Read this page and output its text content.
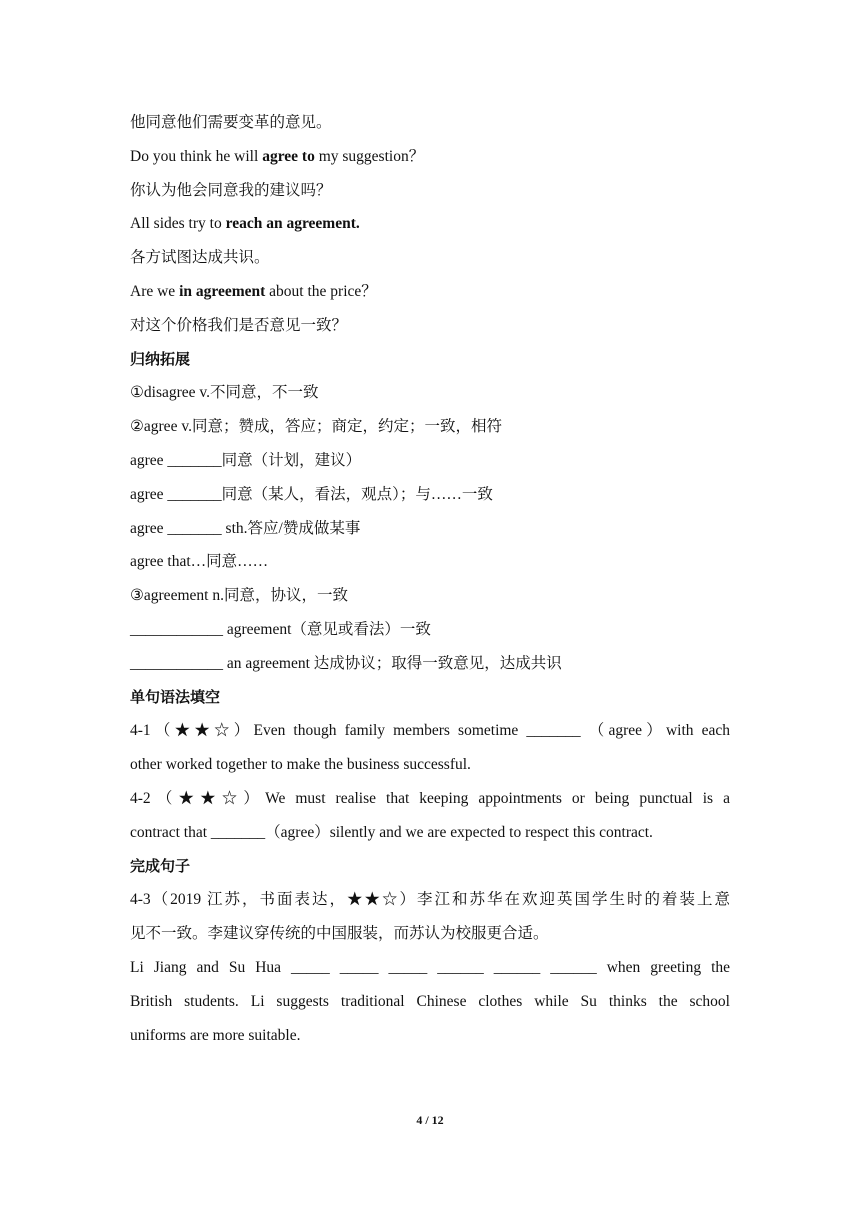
他同意他们需要变革的意见。
Do you think he will agree to my suggestion？
你认为他会同意我的建议吗？
All sides try to reach an agreement.
各方试图达成共识。
Are we in agreement about the price？
对这个价格我们是否意见一致？
归纳拓展
①disagree v.不同意，不一致
②agree v.同意；赞成，答应；商定，约定；一致，相符
agree _______同意（计划，建议）
agree _______同意（某人，看法，观点）；与……一致
agree _______ sth.答应/赞成做某事
agree that…同意……
③agreement n.同意，协议，一致
____________ agreement（意见或看法）一致
____________ an agreement 达成协议；取得一致意见，达成共识
单句语法填空
4-1（★★☆）Even though family members sometime _______ （agree）with each
other worked together to make the business successful.
4-2（★★☆）We must realise that keeping appointments or being punctual is a
contract that _______（agree）silently and we are expected to respect this contract.
完成句子
4-3（2019 江苏，书面表达，★★☆）李江和苏华在欢迎英国学生时的着装上意
见不一致。李建议穿传统的中国服装，而苏认为校服更合适。
Li Jiang and Su Hua _____ _____ _____ ______ ______ ______ when greeting the
British students. Li suggests traditional Chinese clothes while Su thinks the school
uniforms are more suitable.
4 / 12
